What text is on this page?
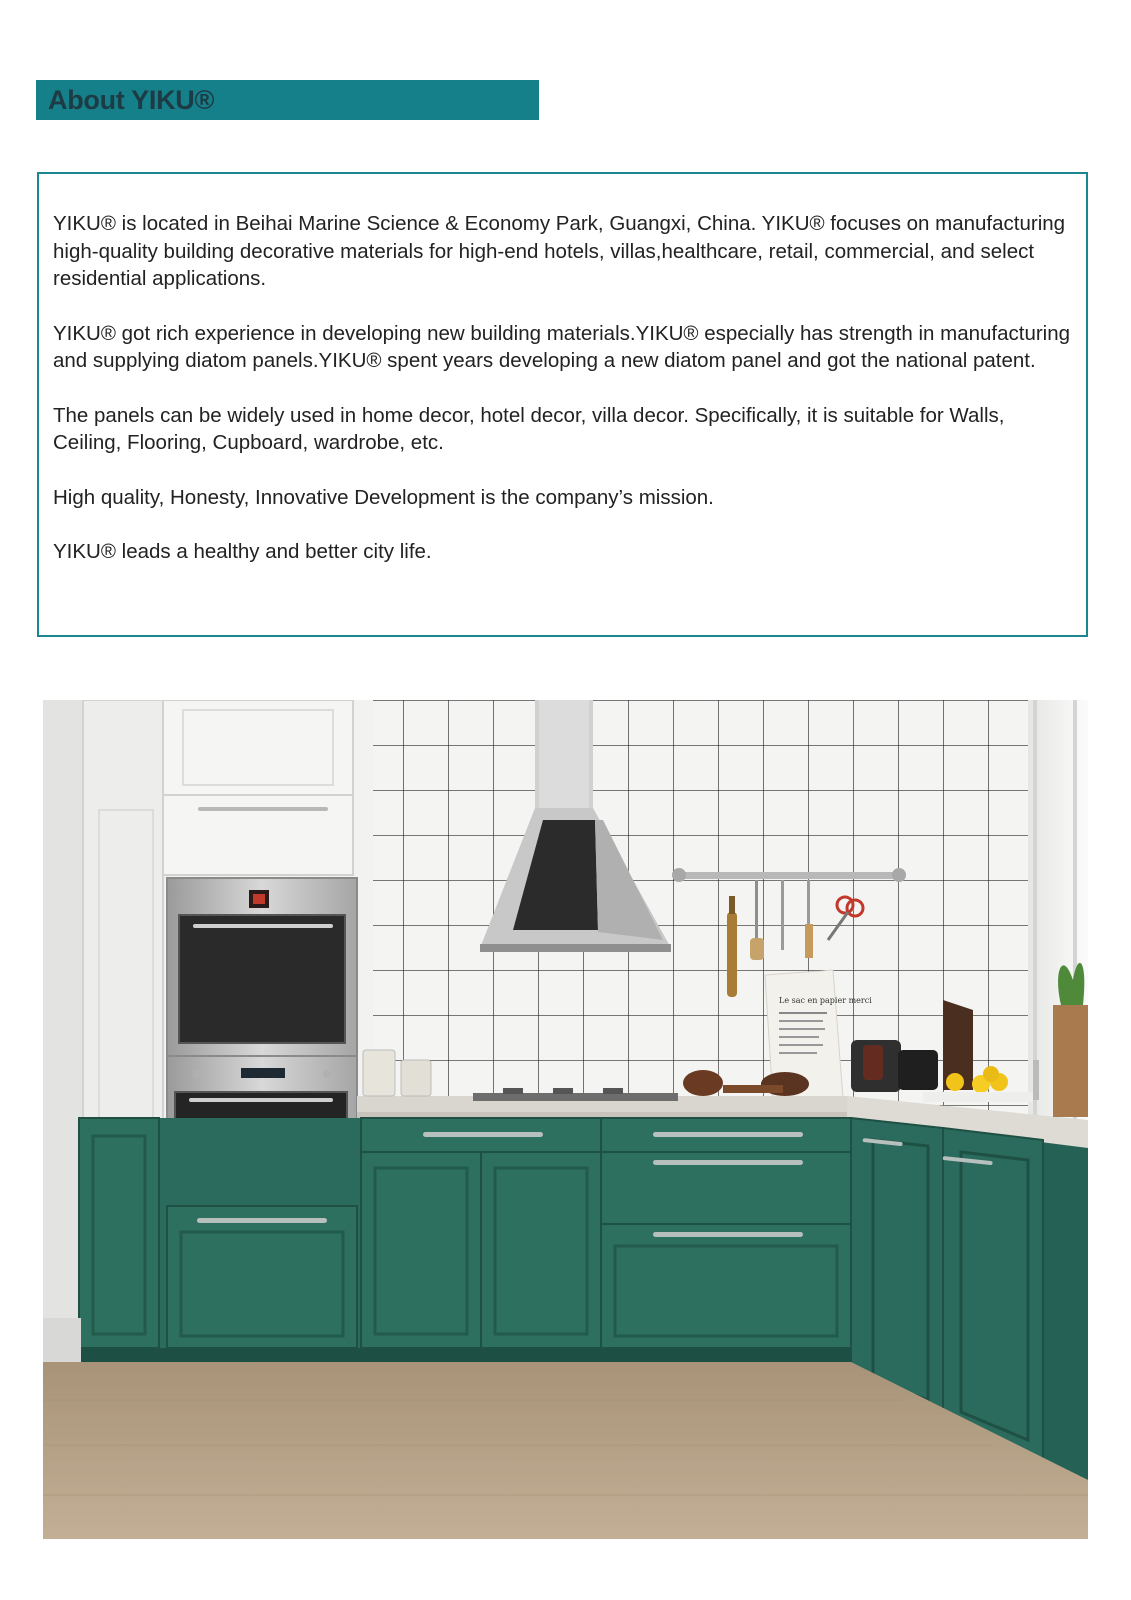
About YIKU®

YIKU® is located in Beihai Marine Science & Economy Park, Guangxi, China. YIKU® focuses on manufacturing high-quality building decorative materials for high-end hotels, villas,healthcare, retail, commercial, and select residential applications.

YIKU® got rich experience in developing new building materials.YIKU® especially has strength in manufacturing and supplying diatom panels.YIKU® spent years developing a new diatom panel and got the national patent.

The panels can be widely used in home decor, hotel decor, villa decor. Specifically, it is suitable for Walls, Ceiling, Flooring, Cupboard, wardrobe, etc.

High quality, Honesty, Innovative Development is the company’s mission.

YIKU® leads a healthy and better city life.

Le sac en papier merci
